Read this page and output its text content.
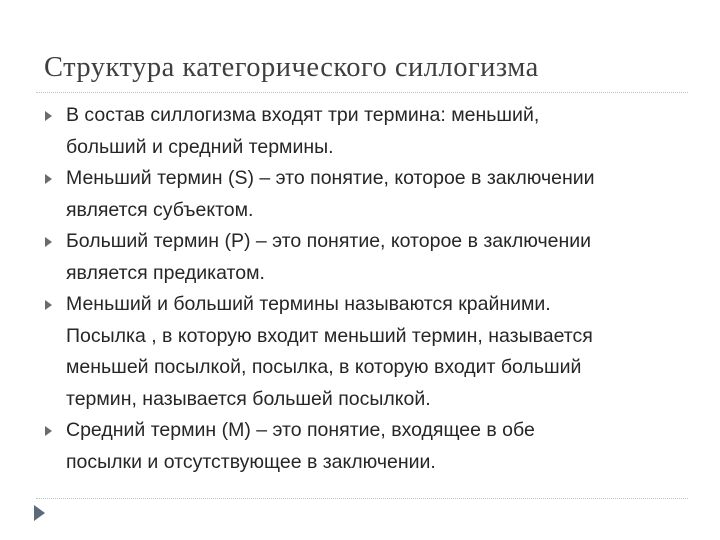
Структура категорического силлогизма
В состав силлогизма входят три термина: меньший,
больший и средний термины.
Меньший термин (S) – это понятие, которое в заключении
является субъектом.
Больший термин (P) – это понятие, которое в заключении
является предикатом.
Меньший и больший термины называются крайними.
Посылка , в которую входит меньший термин, называется
меньшей посылкой, посылка, в которую входит больший
термин, называется большей посылкой.
Средний термин (M) – это понятие, входящее в обе
посылки и отсутствующее в заключении.
